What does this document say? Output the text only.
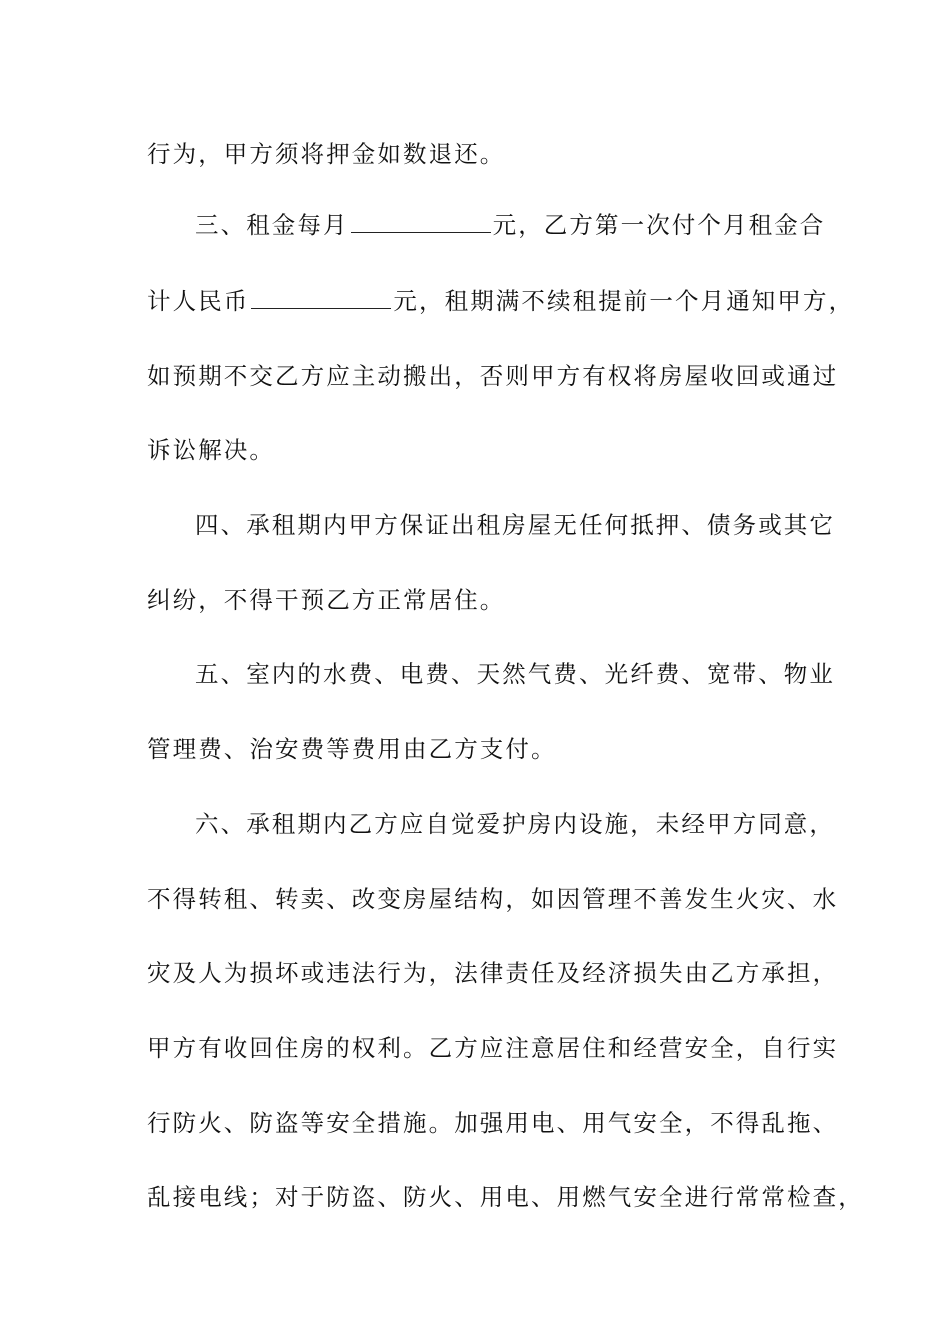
行为，甲方须将押金如数退还。

三、租金每月	元，乙方第一次付个月租金合

计人民币	元，租期满不续租提前一个月通知甲方，

如预期不交乙方应主动搬出，否则甲方有权将房屋收回或通过

诉讼解决。

四、承租期内甲方保证出租房屋无任何抵押、债务或其它

纠纷，不得干预乙方正常居住。

五、室内的水费、电费、天然气费、光纤费、宽带、物业

管理费、治安费等费用由乙方支付。

六、承租期内乙方应自觉爱护房内设施，未经甲方同意，

不得转租、转卖、改变房屋结构，如因管理不善发生火灾、水

灾及人为损坏或违法行为，法律责任及经济损失由乙方承担，

甲方有收回住房的权利。乙方应注意居住和经营安全，自行实

行防火、防盗等安全措施。加强用电、用气安全，不得乱拖、

乱接电线；对于防盗、防火、用电、用燃气安全进行常常检查，
